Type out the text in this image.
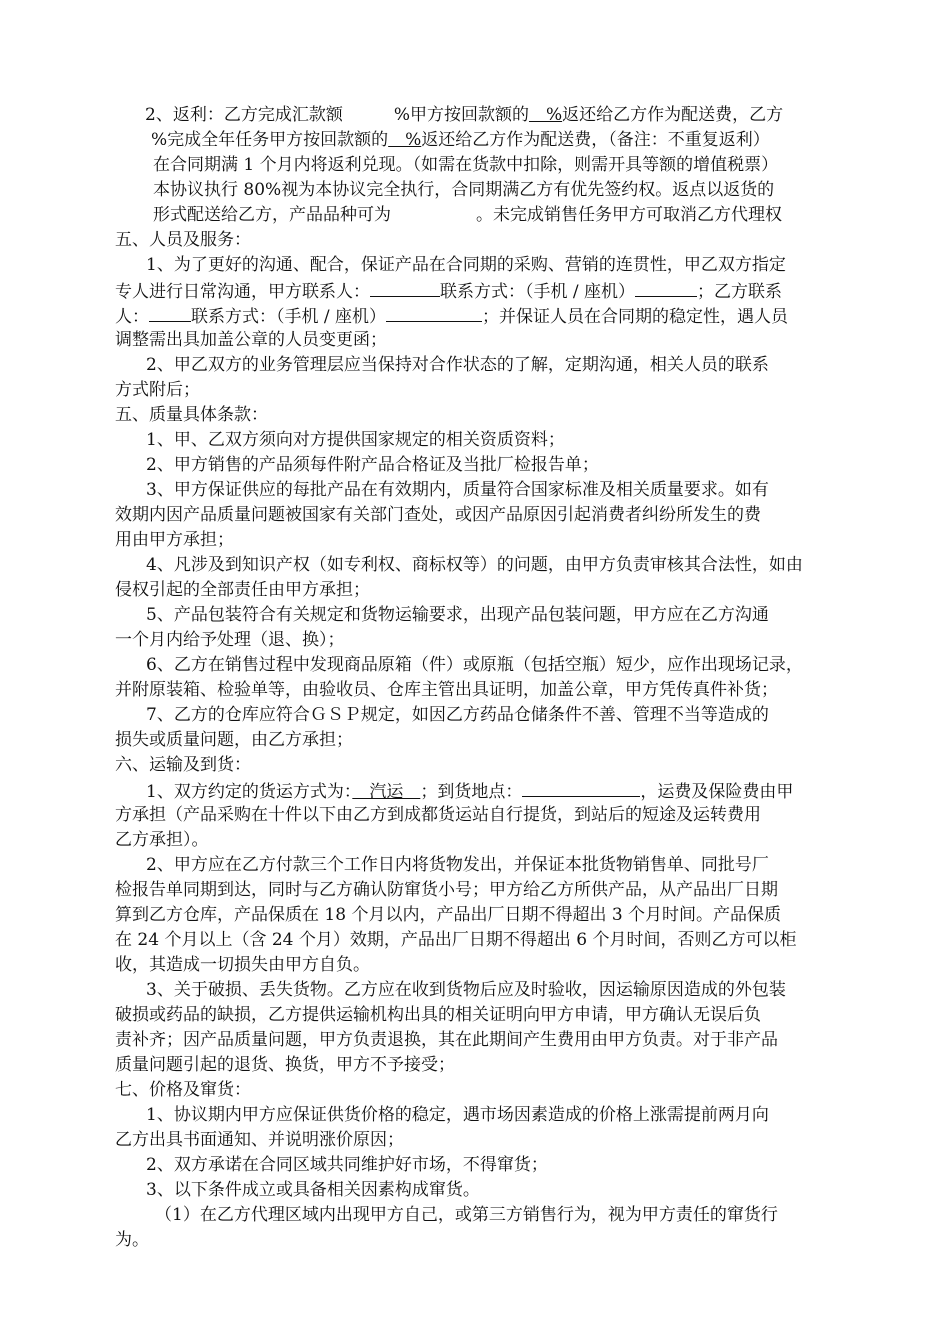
2、返利：乙方完成汇款额　　　%甲方按回款额的　%返还给乙方作为配送费，乙方
%完成全年任务甲方按回款额的　%返还给乙方作为配送费，（备注：不重复返利）
在合同期满 1 个月内将返利兑现。（如需在货款中扣除，则需开具等额的增值税票）
本协议执行 80%视为本协议完全执行，合同期满乙方有优先签约权。返点以返货的
形式配送给乙方，产品品种可为　　　　　。未完成销售任务甲方可取消乙方代理权
五、人员及服务：
1、为了更好的沟通、配合，保证产品在合同期的采购、营销的连贯性，甲乙双方指定
专人进行日常沟通，甲方联系人：	联系方式：（手机 / 座机）	；乙方联系
人： 联系方式：（手机 / 座机）	；并保证人员在合同期的稳定性，遇人员
调整需出具加盖公章的人员变更函；
2、甲乙双方的业务管理层应当保持对合作状态的了解，定期沟通，相关人员的联系
方式附后；
五、质量具体条款：
1、甲、乙双方须向对方提供国家规定的相关资质资料；
2、甲方销售的产品须每件附产品合格证及当批厂检报告单；
3、甲方保证供应的每批产品在有效期内，质量符合国家标准及相关质量要求。如有
效期内因产品质量问题被国家有关部门查处，或因产品原因引起消费者纠纷所发生的费
用由甲方承担；
4、凡涉及到知识产权（如专利权、商标权等）的问题，由甲方负责审核其合法性，如由
侵权引起的全部责任由甲方承担；
5、产品包装符合有关规定和货物运输要求，出现产品包装问题，甲方应在乙方沟通
一个月内给予处理（退、换）；
6、乙方在销售过程中发现商品原箱（件）或原瓶（包括空瓶）短少，应作出现场记录，
并附原装箱、检验单等，由验收员、仓库主管出具证明，加盖公章，甲方凭传真件补货；
7、乙方的仓库应符合ＧＳＰ规定，如因乙方药品仓储条件不善、管理不当等造成的
损失或质量问题，由乙方承担；
六、运输及到货：
1、双方约定的货运方式为：　汽运　；到货地点：	，运费及保险费由甲
方承担（产品采购在十件以下由乙方到成都货运站自行提货，到站后的短途及运转费用
乙方承担）。
2、甲方应在乙方付款三个工作日内将货物发出，并保证本批货物销售单、同批号厂
检报告单同期到达，同时与乙方确认防窜货小号；甲方给乙方所供产品，从产品出厂日期
算到乙方仓库，产品保质在 18 个月以内，产品出厂日期不得超出 3 个月时间。产品保质
在 24 个月以上（含 24 个月）效期，产品出厂日期不得超出 6 个月时间，否则乙方可以柜
收，其造成一切损失由甲方自负。
3、关于破损、丢失货物。乙方应在收到货物后应及时验收，因运输原因造成的外包装
破损或药品的缺损，乙方提供运输机构出具的相关证明向甲方申请，甲方确认无误后负
责补齐；因产品质量问题，甲方负责退换，其在此期间产生费用由甲方负责。对于非产品
质量问题引起的退货、换货，甲方不予接受；
七、价格及窜货：
1、协议期内甲方应保证供货价格的稳定，遇市场因素造成的价格上涨需提前两月向
乙方出具书面通知、并说明涨价原因；
2、双方承诺在合同区域共同维护好市场，不得窜货；
3、以下条件成立或具备相关因素构成窜货。
（1）在乙方代理区域内出现甲方自己，或第三方销售行为，视为甲方责任的窜货行
为。
